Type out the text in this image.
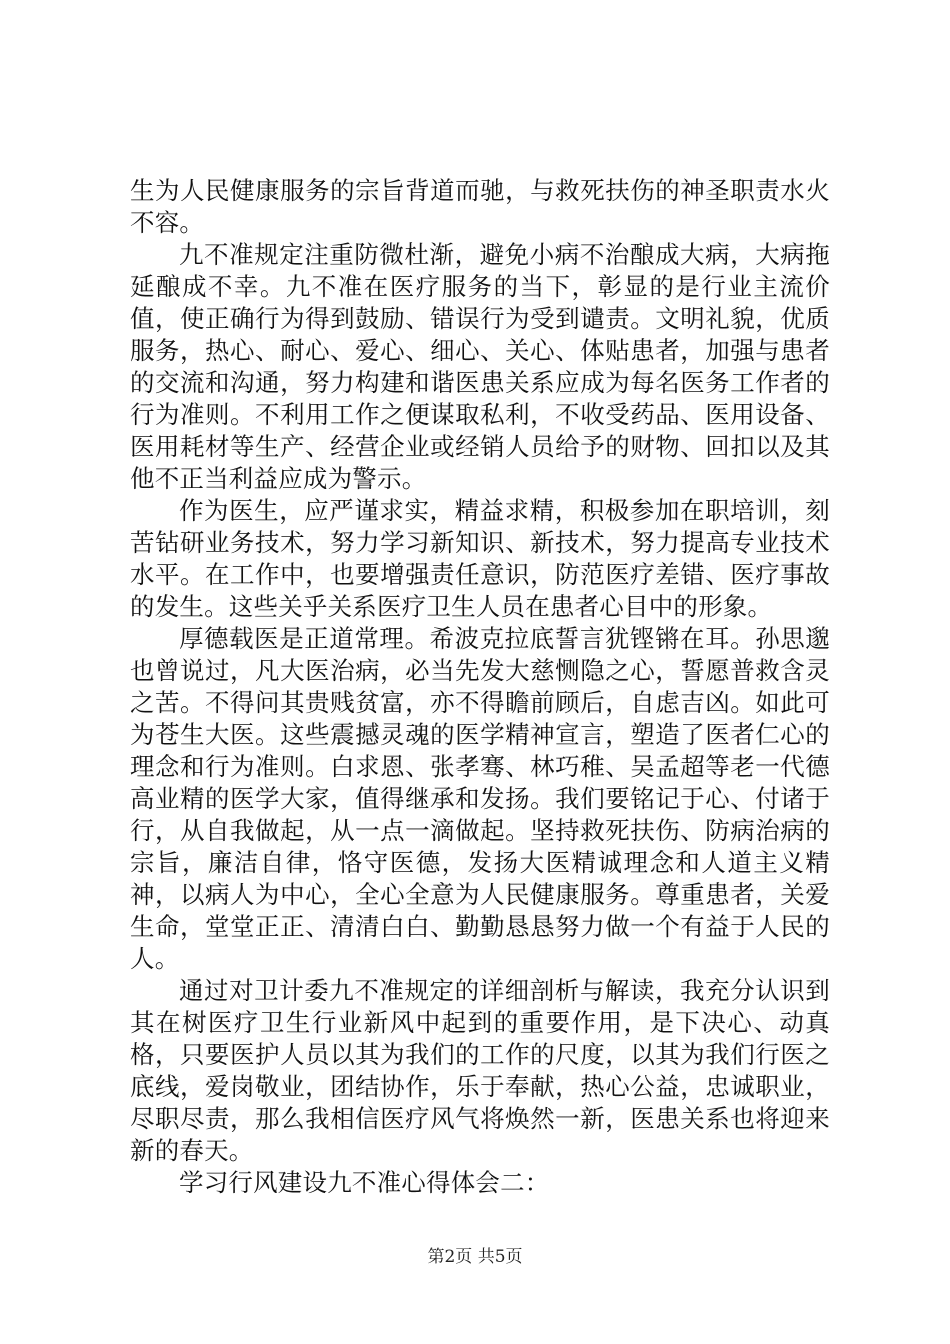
生为人民健康服务的宗旨背道而驰，与救死扶伤的神圣职责水火不容。

九不准规定注重防微杜渐，避免小病不治酿成大病，大病拖延酿成不幸。九不准在医疗服务的当下，彰显的是行业主流价值，使正确行为得到鼓励、错误行为受到谴责。文明礼貌，优质服务，热心、耐心、爱心、细心、关心、体贴患者，加强与患者的交流和沟通，努力构建和谐医患关系应成为每名医务工作者的行为准则。不利用工作之便谋取私利，不收受药品、医用设备、医用耗材等生产、经营企业或经销人员给予的财物、回扣以及其他不正当利益应成为警示。

作为医生，应严谨求实，精益求精，积极参加在职培训，刻苦钻研业务技术，努力学习新知识、新技术，努力提高专业技术水平。在工作中，也要增强责任意识，防范医疗差错、医疗事故的发生。这些关乎关系医疗卫生人员在患者心目中的形象。

厚德载医是正道常理。希波克拉底誓言犹铿锵在耳。孙思邈也曾说过，凡大医治病，必当先发大慈恻隐之心，誓愿普救含灵之苦。不得问其贵贱贫富，亦不得瞻前顾后，自虑吉凶。如此可为苍生大医。这些震撼灵魂的医学精神宣言，塑造了医者仁心的理念和行为准则。白求恩、张孝骞、林巧稚、吴孟超等老一代德高业精的医学大家，值得继承和发扬。我们要铭记于心、付诸于行，从自我做起，从一点一滴做起。坚持救死扶伤、防病治病的宗旨，廉洁自律，恪守医德，发扬大医精诚理念和人道主义精神，以病人为中心，全心全意为人民健康服务。尊重患者，关爱生命，堂堂正正、清清白白、勤勤恳恳努力做一个有益于人民的人。

通过对卫计委九不准规定的详细剖析与解读，我充分认识到其在树医疗卫生行业新风中起到的重要作用，是下决心、动真格，只要医护人员以其为我们的工作的尺度，以其为我们行医之底线，爱岗敬业，团结协作，乐于奉献，热心公益，忠诚职业，尽职尽责，那么我相信医疗风气将焕然一新，医患关系也将迎来新的春天。

学习行风建设九不准心得体会二：

第2页 共5页
